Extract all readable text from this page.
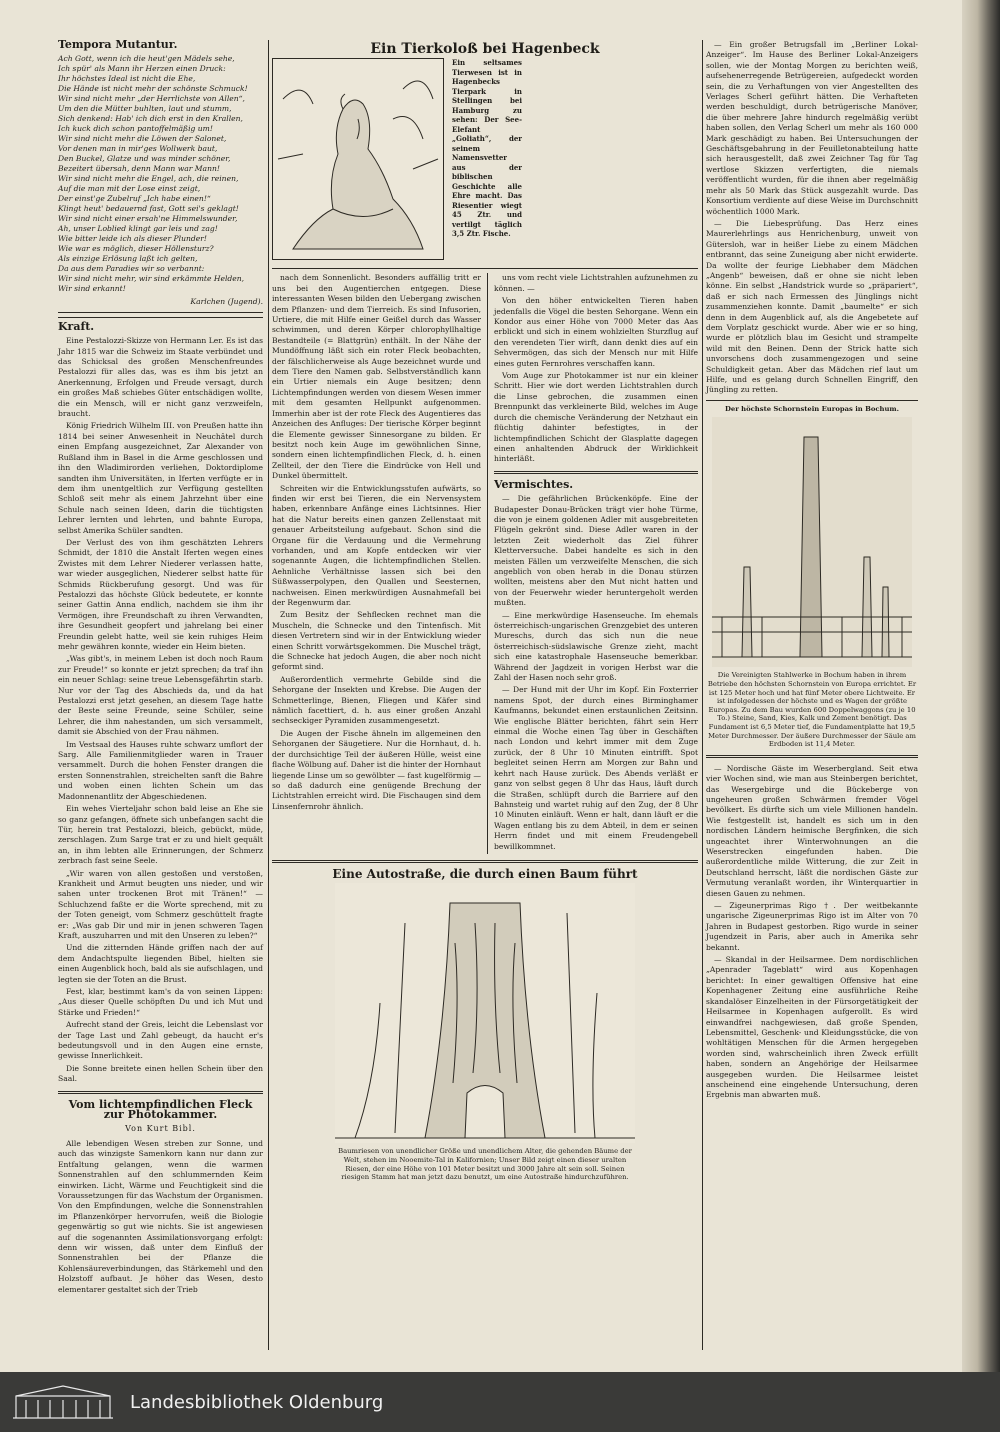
Tempora Mutantur.
Ach Gott, wenn ich die heut'gen Mädels sehe,
Ich spür' als Mann ihr Herzen einen Druck:
Ihr höchstes Ideal ist nicht die Ehe,
Die Hände ist nicht mehr der schönste Schmuck!
Wir sind nicht mehr „der Herrlichste von Allen“,
Um den die Mütter buhlten, laut und stumm,
Sich denkend: Hab' ich dich erst in den Krallen,
Ich kuck dich schon pantoffelmäßig um!
Wir sind nicht mehr die Löwen der Salonet,
Vor denen man in mir'ges Wollwerk baut,
Den Buckel, Glatze und was minder schöner,
Bezeitert übersah, denn Mann war Mann!
Wir sind nicht mehr die Engel, ach, die reinen,
Auf die man mit der Lose einst zeigt,
Der einst'ge Zubelruf „Ich habe einen!“
Klingt heut' bedauernd fast, Gott sei's geklagt!
Wir sind nicht einer ersah'ne Himmelswunder,
Ah, unser Loblied klingt gar leis und zag!
Wie bitter leide ich als dieser Plunder!
Wie war es möglich, dieser Höllensturz?
Als einzige Erlösung laßt ich gelten,
Da aus dem Paradies wir so verbannt:
Wir sind nicht mehr, wir sind erkämmte Helden,
Wir sind erkannt!
Karlchen (Jugend).
Kraft.

Eine Pestalozzi-Skizze von Hermann Ler. Es ist das Jahr 1815 war die Schweiz im Staate verbündet und das Schicksal des großen Menschenfreundes Pestalozzi für alles das, was es ihm bis jetzt an Anerkennung, Erfolgen und Freude versagt, durch ein großes Maß schiebes Güter entschädigen wollte, die ein Mensch, will er nicht ganz verzweifeln, braucht.

König Friedrich Wilhelm III. von Preußen hatte ihn 1814 bei seiner Anwesenheit in Neuchâtel durch einen Empfang ausgezeichnet, Zar Alexander von Rußland ihm in Basel in die Arme geschlossen und ihn den Wladimirorden verliehen, Doktordiplome sandten ihm Universitäten, in Iferten verfügte er in dem ihm unentgeltlich zur Verfügung gestellten Schloß seit mehr als einem Jahrzehnt über eine Schule nach seinen Ideen, darin die tüchtigsten Lehrer lernten und lehrten, und bahnte Europa, selbst Amerika Schüler sandten.

Der Verlust des von ihm geschätzten Lehrers Schmidt, der 1810 die Anstalt Iferten wegen eines Zwistes mit dem Lehrer Niederer verlassen hatte, war wieder ausgeglichen, Niederer selbst hatte für Schmids Rückberufung gesorgt. Und was für Pestalozzi das höchste Glück bedeutete, er konnte seiner Gattin Anna endlich, nachdem sie ihm ihr Vermögen, ihre Freundschaft zu ihren Verwandten, ihre Gesundheit geopfert und jahrelang bei einer Freundin gelebt hatte, weil sie kein ruhiges Heim mehr gewähren konnte, wieder ein Heim bieten.

„Was gibt's, in meinem Leben ist doch noch Raum zur Freude!“ so konnte er jetzt sprechen; da traf ihn ein neuer Schlag: seine treue Lebensgefährtin starb. Nur vor der Tag des Abschieds da, und da hat Pestalozzi erst jetzt gesehen, an diesem Tage hatte der Beste seine Freunde, seine Schüler, seine Lehrer, die ihm nahestanden, um sich versammelt, damit sie Abschied von der Frau nähmen.

Im Vestsaal des Hauses ruhte schwarz umflort der Sarg. Alle Familienmitglieder waren in Trauer versammelt. Durch die hohen Fenster drangen die ersten Sonnenstrahlen, streichelten sanft die Bahre und woben einen lichten Schein um das Madonnenantlitz der Abgeschiedenen.

Ein wehes Vierteljahr schon bald leise an Ehe sie so ganz gefangen, öffnete sich unbefangen sacht die Tür, herein trat Pestalozzi, bleich, gebückt, müde, zerschlagen. Zum Sarge trat er zu und hielt gequält an, in ihm lebten alle Erinnerungen, der Schmerz zerbrach fast seine Seele.

„Wir waren von allen gestoßen und verstoßen, Krankheit und Armut beugten uns nieder, und wir sahen unter trockenen Brot mit Tränen!“ — Schluchzend faßte er die Worte sprechend, mit zu der Toten geneigt, vom Schmerz geschüttelt fragte er: „Was gab Dir und mir in jenen schweren Tagen Kraft, auszuharren und mit den Unseren zu leben?“

Und die zitternden Hände griffen nach der auf dem Andachtspulte liegenden Bibel, hielten sie einen Augenblick hoch, bald als sie aufschlagen, und legten sie der Toten an die Brust.

Fest, klar, bestimmt kam's da von seinen Lippen: „Aus dieser Quelle schöpften Du und ich Mut und Stärke und Frieden!“

Aufrecht stand der Greis, leicht die Lebenslast vor der Tage Last und Zahl gebeugt, da haucht er's bedeutungsvoll und in den Augen eine ernste, gewisse Innerlichkeit.

Die Sonne breitete einen hellen Schein über den Saal.

Vom lichtempfindlichen Fleck zur Photokammer.
Von Kurt Bibl.

Alle lebendigen Wesen streben zur Sonne, und auch das winzigste Samenkorn kann nur dann zur Entfaltung gelangen, wenn die warmen Sonnenstrahlen auf den schlummernden Keim einwirken. Licht, Wärme und Feuchtigkeit sind die Voraussetzungen für das Wachstum der Organismen. Von den Empfindungen, welche die Sonnenstrahlen im Pflanzenkörper hervorrufen, weiß die Biologie gegenwärtig so gut wie nichts. Sie ist angewiesen auf die sogenannten Assimilationsvorgang erfolgt: denn wir wissen, daß unter dem Einfluß der Sonnenstrahlen bei der Pflanze die Kohlensäureverbindungen, das Stärkemehl und den Holzstoff aufbaut. Je höher das Wesen, desto elementarer gestaltet sich der Trieb

Ein Tierkoloß bei Hagenbeck
Ein seltsames Tierwesen ist in Hagenbecks Tierpark in Stellingen bei Hamburg zu sehen: Der See-Elefant „Goliath“, der seinem Namensvetter aus der biblischen Geschichte alle Ehre macht. Das Riesentier wiegt 45 Ztr. und vertilgt täglich 3,5 Ztr. Fische.

nach dem Sonnenlicht. Besonders auffällig tritt er uns bei den Augentierchen entgegen. Diese interessanten Wesen bilden den Uebergang zwischen dem Pflanzen- und dem Tierreich. Es sind Infusorien, Urtiere, die mit Hilfe einer Geißel durch das Wasser schwimmen, und deren Körper chlorophyllhaltige Bestandteile (= Blattgrün) enthält. In der Nähe der Mundöffnung läßt sich ein roter Fleck beobachten, der fälschlicherweise als Auge bezeichnet wurde und dem Tiere den Namen gab. Selbstverständlich kann ein Urtier niemals ein Auge besitzen; denn Lichtempfindungen werden von diesem Wesen immer mit dem gesamten Hellpunkt aufgenommen. Immerhin aber ist der rote Fleck des Augentieres das Anzeichen des Anfluges: Der tierische Körper beginnt die Elemente gewisser Sinnesorgane zu bilden. Er besitzt noch kein Auge im gewöhnlichen Sinne, sondern einen lichtempfindlichen Fleck, d. h. einen Zellteil, der den Tiere die Eindrücke von Hell und Dunkel übermittelt.

Schreiten wir die Entwicklungsstufen aufwärts, so finden wir erst bei Tieren, die ein Nervensystem haben, erkennbare Anfänge eines Lichtsinnes. Hier hat die Natur bereits einen ganzen Zellenstaat mit genauer Arbeitsteilung aufgebaut. Schon sind die Organe für die Verdauung und die Vermehrung vorhanden, und am Kopfe entdecken wir vier sogenannte Augen, die lichtempfindlichen Stellen. Aehnliche Verhältnisse lassen sich bei den Süßwasserpolypen, den Quallen und Seesternen, nachweisen. Einen merkwürdigen Ausnahmefall bei der Regenwurm dar.

Zum Besitz der Sehflecken rechnet man die Muscheln, die Schnecke und den Tintenfisch. Mit diesen Vertretern sind wir in der Entwicklung wieder einen Schritt vorwärtsgekommen. Die Muschel trägt, die Schnecke hat jedoch Augen, die aber noch nicht geformt sind.

Außerordentlich vermehrte Gebilde sind die Sehorgane der Insekten und Krebse. Die Augen der Schmetterlinge, Bienen, Fliegen und Käfer sind nämlich facettiert, d. h. aus einer großen Anzahl sechseckiger Pyramiden zusammengesetzt.

Die Augen der Fische ähneln im allgemeinen den Sehorganen der Säugetiere. Nur die Hornhaut, d. h. der durchsichtige Teil der äußeren Hülle, weist eine flache Wölbung auf. Daher ist die hinter der Hornhaut liegende Linse um so gewölbter — fast kugelförmig — so daß dadurch eine genügende Brechung der Lichtstrahlen erreicht wird. Die Fischaugen sind dem Linsenfernrohr ähnlich.

uns vom recht viele Lichtstrahlen aufzunehmen zu können. —

Von den höher entwickelten Tieren haben jedenfalls die Vögel die besten Sehorgane. Wenn ein Kondor aus einer Höhe von 7000 Meter das Aas erblickt und sich in einem wohlzielten Sturzflug auf den verendeten Tier wirft, dann denkt dies auf ein Sehvermögen, das sich der Mensch nur mit Hilfe eines guten Fernrohres verschaffen kann.

Vom Auge zur Photokammer ist nur ein kleiner Schritt. Hier wie dort werden Lichtstrahlen durch die Linse gebrochen, die zusammen einen Brennpunkt das verkleinerte Bild, welches im Auge durch die chemische Veränderung der Netzhaut ein flüchtig dahinter befestigtes, in der lichtempfindlichen Schicht der Glasplatte dagegen einen anhaltenden Abdruck der Wirklichkeit hinterläßt.

Vermischtes.

— Die gefährlichen Brückenköpfe. Eine der Budapester Donau-Brücken trägt vier hohe Türme, die von je einem goldenen Adler mit ausgebreiteten Flügeln gekrönt sind. Diese Adler waren in der letzten Zeit wiederholt das Ziel führer Kletterversuche. Dabei handelte es sich in den meisten Fällen um verzweifelte Menschen, die sich angeblich von oben herab in die Donau stürzen wollten, meistens aber den Mut nicht hatten und von der Feuerwehr wieder heruntergeholt werden mußten.

— Eine merkwürdige Hasenseuche. Im ehemals österreichisch-ungarischen Grenzgebiet des unteren Mureschs, durch das sich nun die neue österreichisch-südslawische Grenze zieht, macht sich eine katastrophale Hasenseuche bemerkbar. Während der Jagdzeit in vorigen Herbst war die Zahl der Hasen noch sehr groß.

— Der Hund mit der Uhr im Kopf. Ein Foxterrier namens Spot, der durch eines Birminghamer Kaufmanns, bekundet einen erstaunlichen Zeitsinn. Wie englische Blätter berichten, fährt sein Herr einmal die Woche einen Tag über in Geschäften nach London und kehrt immer mit dem Zuge zurück, der 8 Uhr 10 Minuten eintrifft. Spot begleitet seinen Herrn am Morgen zur Bahn und kehrt nach Hause zurück. Des Abends verläßt er ganz von selbst gegen 8 Uhr das Haus, läuft durch die Straßen, schlüpft durch die Barriere auf den Bahnsteig und wartet ruhig auf den Zug, der 8 Uhr 10 Minuten einläuft. Wenn er halt, dann läuft er die Wagen entlang bis zu dem Abteil, in dem er seinen Herrn findet und mit einem Freudengebell bewillkommnet.

Eine Autostraße, die durch einen Baum führt
Baumriesen von unendlicher Größe und unendlichem Alter, die gehenden Bäume der Welt, stehen im Nooemite-Tal in Kalifornien; Unser Bild zeigt einen dieser uralten Riesen, der eine Höhe von 101 Meter besitzt und 3000 Jahre alt sein soll. Seinen riesigen Stamm hat man jetzt dazu benutzt, um eine Autostraße hindurchzuführen.

— Ein großer Betrugsfall im „Berliner Lokal-Anzeiger“. Im Hause des Berliner Lokal-Anzeigers sollen, wie der Montag Morgen zu berichten weiß, aufsehenerregende Betrügereien, aufgedeckt worden sein, die zu Verhaftungen von vier Angestellten des Verlages Scherl geführt hätten. Die Verhafteten werden beschuldigt, durch betrügerische Manöver, die über mehrere Jahre hindurch regelmäßig verübt haben sollen, den Verlag Scherl um mehr als 160 000 Mark geschädigt zu haben. Bei Untersuchungen der Geschäftsgebahrung in der Feuilletonabteilung hatte sich herausgestellt, daß zwei Zeichner Tag für Tag wertlose Skizzen verfertigten, die niemals veröffentlicht wurden, für die ihnen aber regelmäßig mehr als 50 Mark das Stück ausgezahlt wurde. Das Konsortium verdiente auf diese Weise im Durchschnitt wöchentlich 1000 Mark.

— Die Liebesprüfung. Das Herz eines Maurerlehrlings aus Henrichenburg, unweit von Gütersloh, war in heißer Liebe zu einem Mädchen entbrannt, das seine Zuneigung aber nicht erwiderte. Da wollte der feurige Liebhaber dem Mädchen „Angenb“ beweisen, daß er ohne sie nicht leben könne. Ein selbst „Handstrick wurde so „präpariert“, daß er sich nach Ermessen des Jünglings nicht zusammenziehen konnte. Damit „baumelte“ er sich denn in dem Augenblick auf, als die Angebetete auf dem Vorplatz geschickt wurde. Aber wie er so hing, wurde er plötzlich blau im Gesicht und strampelte wild mit den Beinen. Denn der Strick hatte sich unvorschens doch zusammengezogen und seine Schuldigkeit getan. Aber das Mädchen rief laut um Hilfe, und es gelang durch Schnellen Eingriff, den Jüngling zu retten.

Der höchste Schornstein Europas in Bochum.
Die Vereinigten Stahlwerke in Bochum haben in ihrem Betriebe den höchsten Schornstein von Europa errichtet. Er ist 125 Meter hoch und hat fünf Meter obere Lichtweite. Er ist infolgedessen der höchste und es Wagen der größte Europas. Zu dem Bau wurden 600 Doppelwaggons (zu je 10 To.) Steine, Sand, Kies, Kalk und Zement benötigt. Das Fundament ist 6,5 Meter tief, die Fundamentplatte hat 19,5 Meter Durchmesser. Der äußere Durchmesser der Säule am Erdboden ist 11,4 Meter.

— Nordische Gäste im Weserbergland. Seit etwa vier Wochen sind, wie man aus Steinbergen berichtet, das Wesergebirge und die Bückeberge von ungeheuren großen Schwärmen fremder Vögel bevölkert. Es dürfte sich um viele Millionen handeln. Wie festgestellt ist, handelt es sich um in den nordischen Ländern heimische Bergfinken, die sich ungeachtet ihrer Winterwohnungen an die Weserstrecken eingefunden haben. Die außerordentliche milde Witterung, die zur Zeit in Deutschland herrscht, läßt die nordischen Gäste zur Vermutung veranlaßt worden, ihr Winterquartier in diesen Gauen zu nehmen.

— Zigeunerprimas Rigo †. Der weitbekannte ungarische Zigeunerprimas Rigo ist im Alter von 70 Jahren in Budapest gestorben. Rigo wurde in seiner Jugendzeit in Paris, aber auch in Amerika sehr bekannt.

— Skandal in der Heilsarmee. Dem nordischlichen „Apenrader Tageblatt“ wird aus Kopenhagen berichtet: In einer gewaltigen Offensive hat eine Kopenhagener Zeitung eine ausführliche Reihe skandalöser Einzelheiten in der Fürsorgetätigkeit der Heilsarmee in Kopenhagen aufgerollt. Es wird einwandfrei nachgewiesen, daß große Spenden, Lebensmittel, Geschenk- und Kleidungsstücke, die von wohltätigen Menschen für die Armen hergegeben worden sind, wahrscheinlich ihren Zweck erfüllt haben, sondern an Angehörige der Heilsarmee ausgegeben wurden. Die Heilsarmee leistet anscheinend eine eingehende Untersuchung, deren Ergebnis man abwarten muß.

Landesbibliothek Oldenburg
